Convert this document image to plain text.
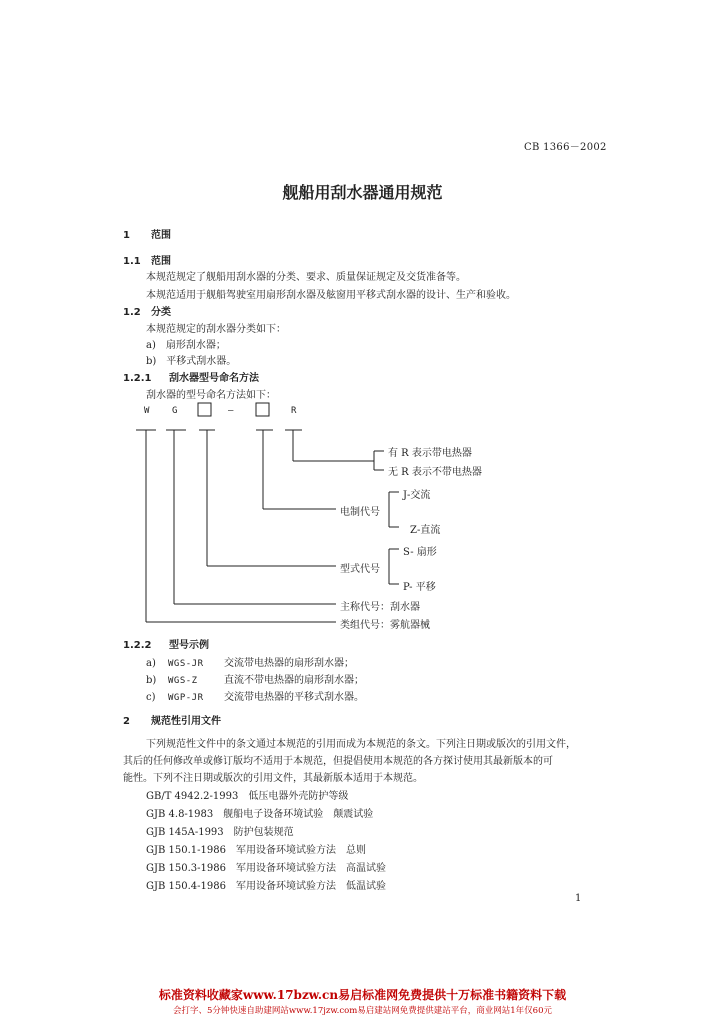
CB 1366－2002
舰船用刮水器通用规范
1 范围
1.1 范围
本规范规定了舰船用刮水器的分类、要求、质量保证规定及交货准备等。
本规范适用于舰船驾驶室用扇形刮水器及舷窗用平移式刮水器的设计、生产和验收。
1.2 分类
本规范规定的刮水器分类如下：
a)　扇形刮水器；
b)　平移式刮水器。
1.2.1 刮水器型号命名方法
刮水器的型号命名方法如下：
W G	—	R
有 R 表示带电热器
无 R 表示不带电热器
电制代号
J-交流
Z-直流
型式代号
S- 扇形
P- 平移
主称代号：刮水器
类组代号：雾航器械
1.2.2 型号示例
a) WGS-JR 交流带电热器的扇形刮水器；
b) WGS-Z	直流不带电热器的扇形刮水器；
c) WGP-JR 交流带电热器的平移式刮水器。
2 规范性引用文件
下列规范性文件中的条文通过本规范的引用而成为本规范的条文。下列注日期或版次的引用文件，
其后的任何修改单或修订版均不适用于本规范，但提倡使用本规范的各方探讨使用其最新版本的可
能性。下列不注日期或版次的引用文件，其最新版本适用于本规范。
GB/T 4942.2-1993　低压电器外壳防护等级
GJB 4.8-1983　舰船电子设备环境试验　颠震试验
GJB 145A-1993　防护包装规范
GJB 150.1-1986　军用设备环境试验方法　总则
GJB 150.3-1986　军用设备环境试验方法　高温试验
GJB 150.4-1986　军用设备环境试验方法　低温试验
1
标准资料收藏家www.17bzw.cn易启标准网免费提供十万标准书籍资料下载
会打字、5分钟快速自助建网站www.17jzw.com易启建站网免费提供建站平台，商业网站1年仅60元
